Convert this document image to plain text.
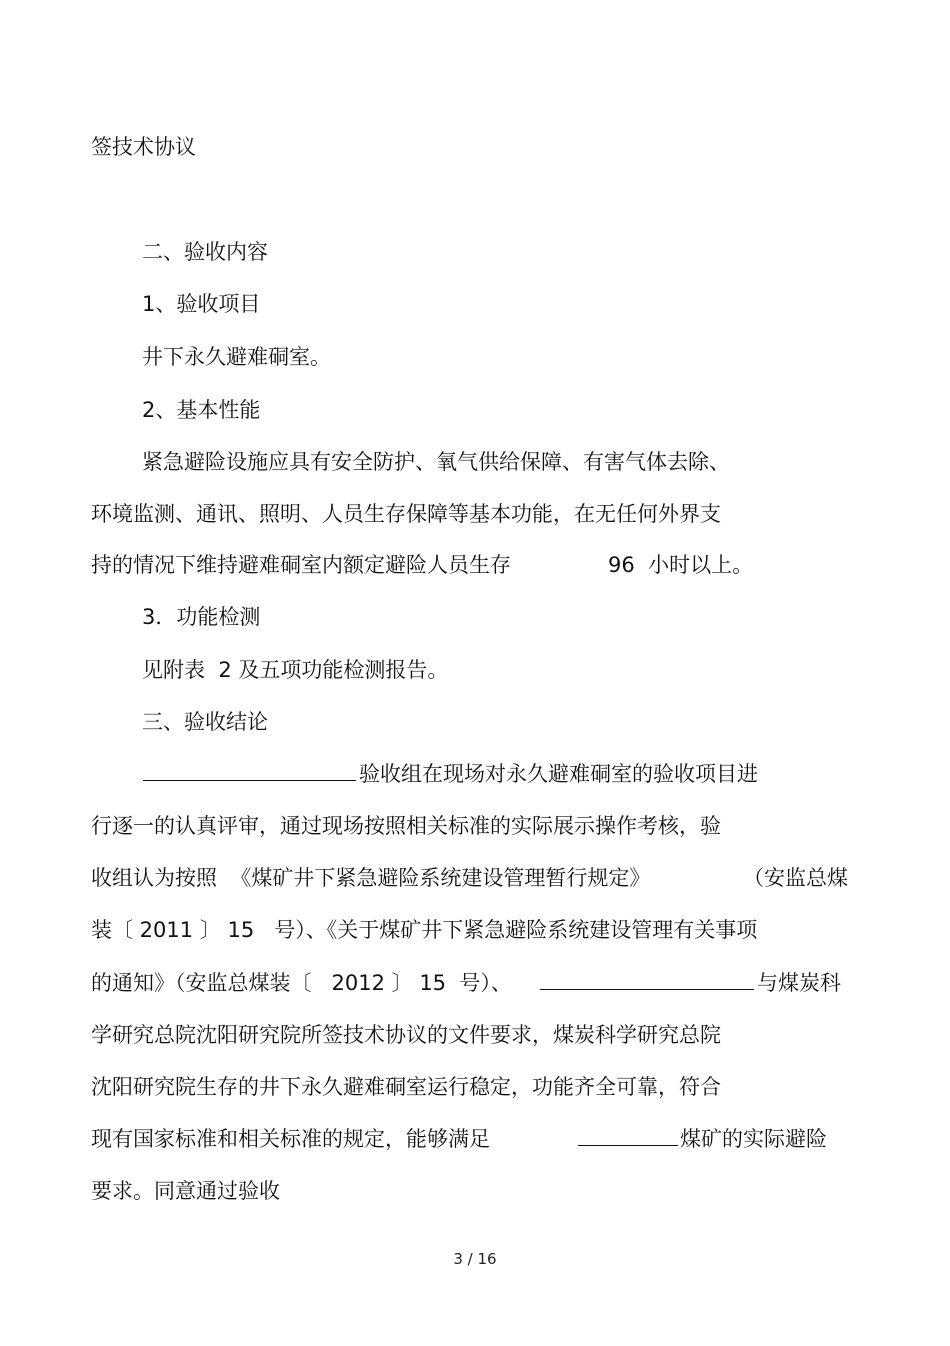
签技术协议
二、验收内容
1、验收项目
井下永久避难硐室。
2、基本性能
紧急避险设施应具有安全防护、氧气供给保障、有害气体去除、
环境监测、通讯、照明、人员生存保障等基本功能，在无任何外界支
持的情况下维持避难硐室内额定避险人员生存	96  小时以上。
3．功能检测
见附表  2 及五项功能检测报告。
三、验收结论
验收组在现场对永久避难硐室的验收项目进
行逐一的认真评审，通过现场按照相关标准的实际展示操作考核，验
收组认为按照  《煤矿井下紧急避险系统建设管理暂行规定》	（安监总煤
装〔 2011 〕 15   号）、《关于煤矿井下紧急避险系统建设管理有关事项
的通知》（安监总煤装〔   2012 〕 15  号）、	与煤炭科
学研究总院沈阳研究院所签技术协议的文件要求，煤炭科学研究总院
沈阳研究院生存的井下永久避难硐室运行稳定，功能齐全可靠，符合
现有国家标准和相关标准的规定，能够满足	煤矿的实际避险
要求。同意通过验收
3 / 16
